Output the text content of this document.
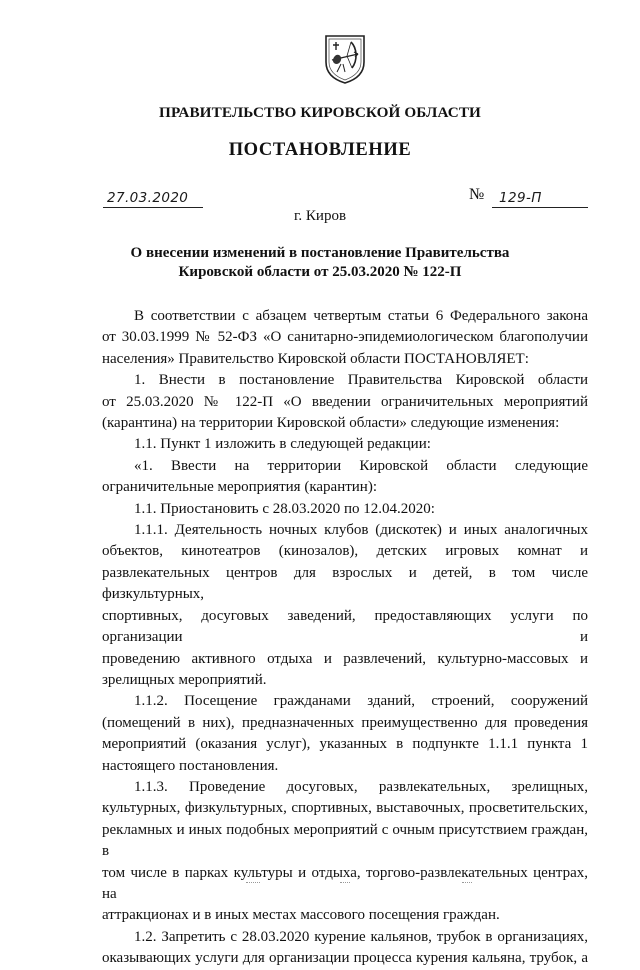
ПРАВИТЕЛЬСТВО КИРОВСКОЙ ОБЛАСТИ
ПОСТАНОВЛЕНИЕ
27.03.2020	№ 129-П
г. Киров
О внесении изменений в постановление Правительства
Кировской области от 25.03.2020 № 122-П
В соответствии с абзацем четвертым статьи 6 Федерального закона
от 30.03.1999 № 52-ФЗ «О санитарно-эпидемиологическом благополучии
населения» Правительство Кировской области ПОСТАНОВЛЯЕТ:
1. Внести в постановление Правительства Кировской области
от 25.03.2020 № 122-П «О введении ограничительных мероприятий
(карантина) на территории Кировской области» следующие изменения:
1.1. Пункт 1 изложить в следующей редакции:
«1. Ввести на территории Кировской области следующие
ограничительные мероприятия (карантин):
1.1. Приостановить с 28.03.2020 по 12.04.2020:
1.1.1. Деятельность ночных клубов (дискотек) и иных аналогичных
объектов, кинотеатров (кинозалов), детских игровых комнат и
развлекательных центров для взрослых и детей, в том числе физкультурных,
спортивных, досуговых заведений, предоставляющих услуги по организации и
проведению активного отдыха и развлечений, культурно-массовых и
зрелищных мероприятий.
1.1.2. Посещение гражданами зданий, строений, сооружений
(помещений в них), предназначенных преимущественно для проведения
мероприятий (оказания услуг), указанных в подпункте 1.1.1 пункта 1
настоящего постановления.
1.1.3. Проведение досуговых, развлекательных, зрелищных,
культурных, физкультурных, спортивных, выставочных, просветительских,
рекламных и иных подобных мероприятий с очным присутствием граждан, в
том числе в парках культуры и отдыха, торгово-развлекательных центрах, на
аттракционах и в иных местах массового посещения граждан.
1.2. Запретить с 28.03.2020 курение кальянов, трубок в организациях,
оказывающих услуги для организации процесса курения кальяна, трубок, а
